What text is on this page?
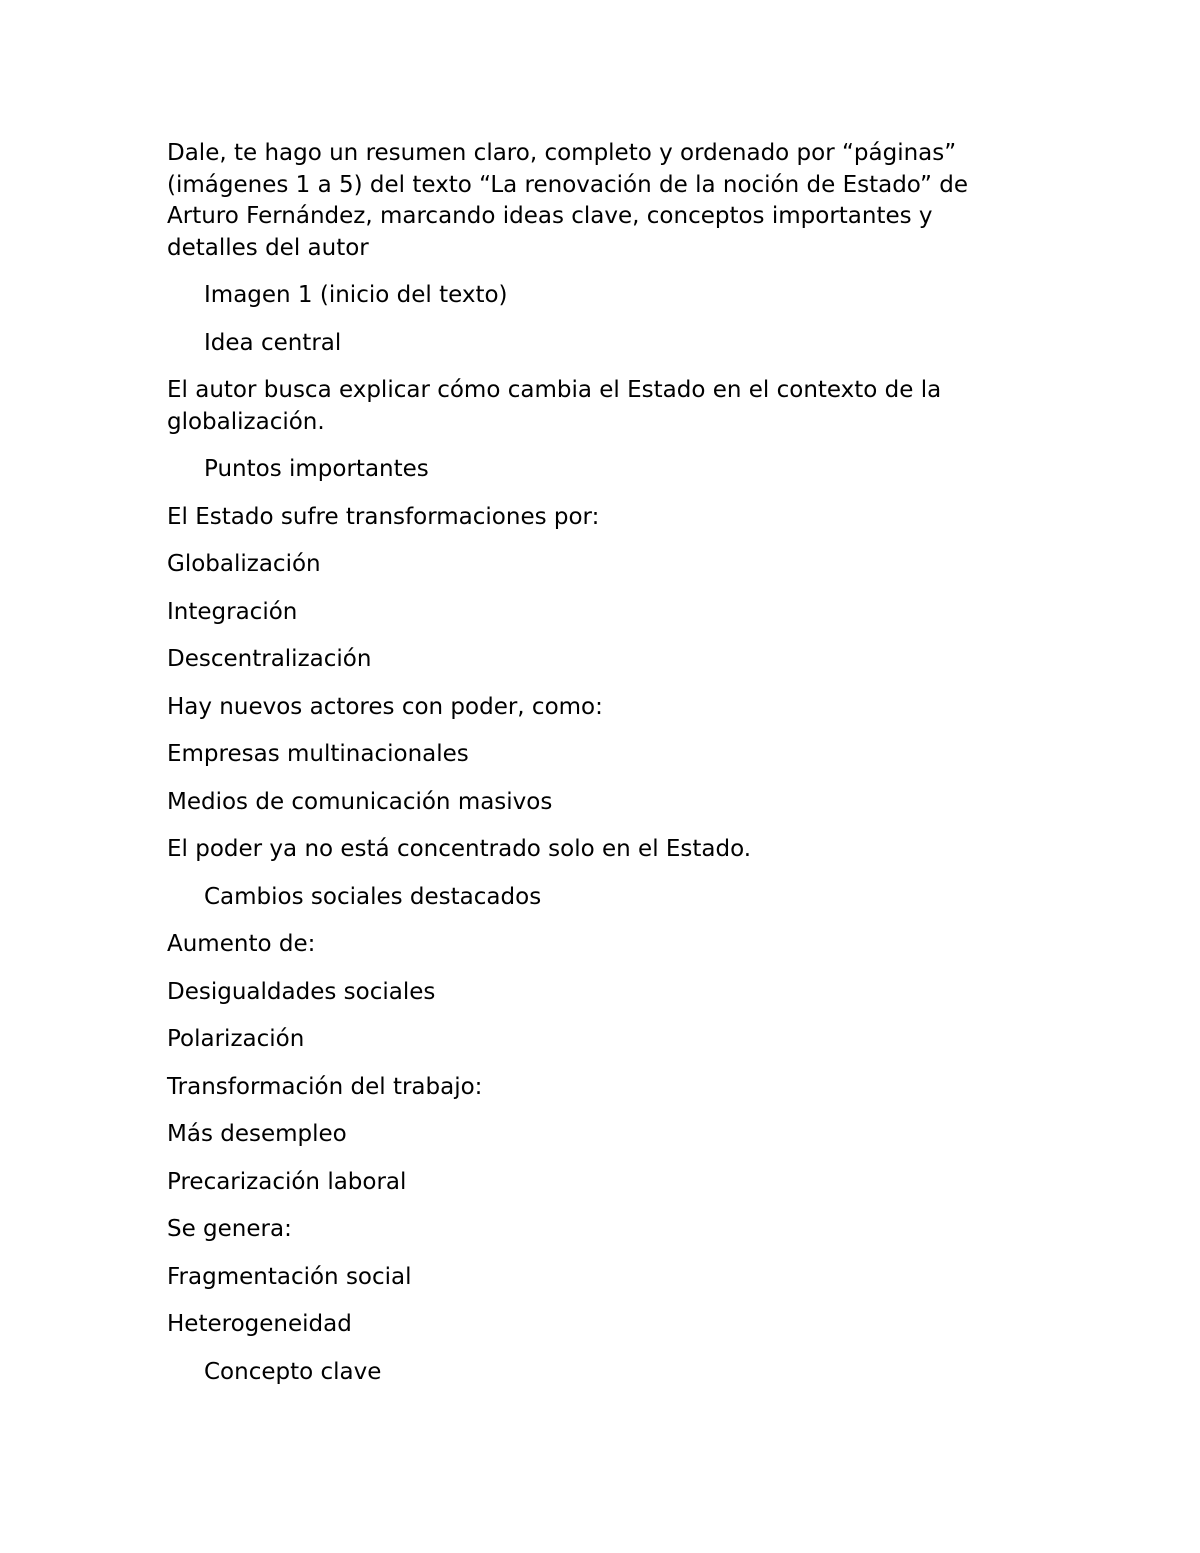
Dale, te hago un resumen claro, completo y ordenado por “páginas” (imágenes 1 a 5) del texto “La renovación de la noción de Estado” de Arturo Fernández, marcando ideas clave, conceptos importantes y detalles del autor

Imagen 1 (inicio del texto)

Idea central

El autor busca explicar cómo cambia el Estado en el contexto de la globalización.

Puntos importantes

El Estado sufre transformaciones por:

Globalización

Integración

Descentralización

Hay nuevos actores con poder, como:

Empresas multinacionales

Medios de comunicación masivos

El poder ya no está concentrado solo en el Estado.

Cambios sociales destacados

Aumento de:

Desigualdades sociales

Polarización

Transformación del trabajo:

Más desempleo

Precarización laboral

Se genera:

Fragmentación social

Heterogeneidad

Concepto clave
